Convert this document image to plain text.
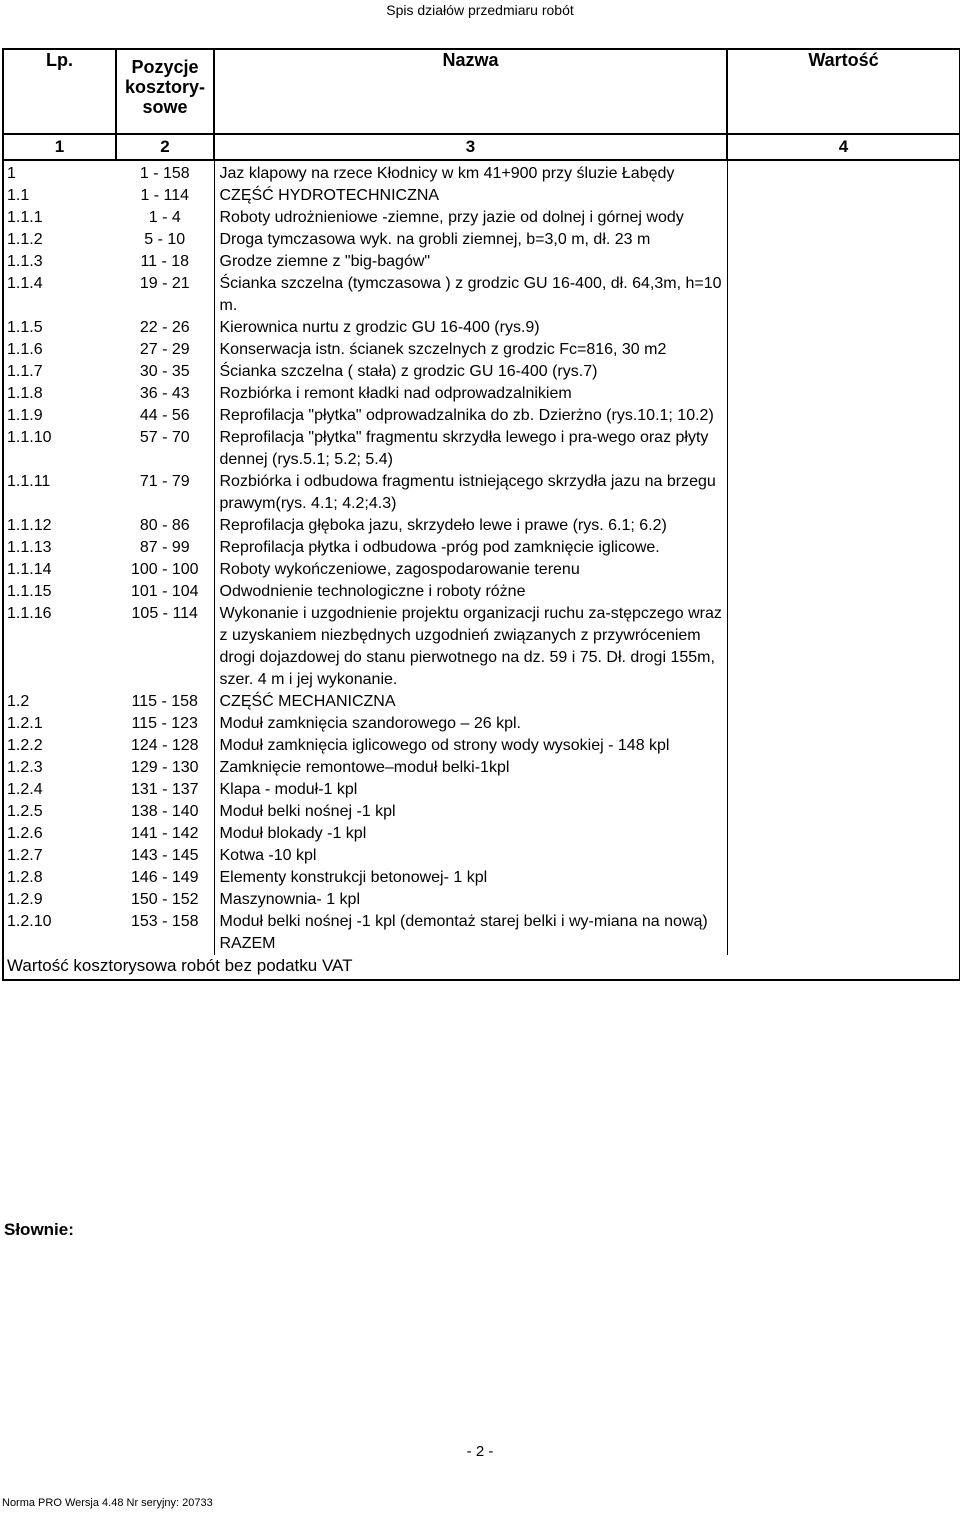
Spis działów przedmiaru robót
Lp.	Pozycje kosztory-sowe	Nazwa	Wartość
1	2	3	4
1	1 - 158	Jaz klapowy na rzece Kłodnicy w km 41+900 przy śluzie Łabędy	
1.1	1 - 114	CZĘŚĆ HYDROTECHNICZNA	
1.1.1	1 - 4	Roboty udrożnieniowe -ziemne, przy jazie od dolnej i górnej wody	
1.1.2	5 - 10	Droga tymczasowa wyk. na grobli ziemnej, b=3,0 m, dł. 23 m	
1.1.3	11 - 18	Grodze ziemne z "big-bagów"	
1.1.4	19 - 21	Ścianka szczelna (tymczasowa ) z grodzic GU 16-400, dł. 64,3m, h=10 m.	
1.1.5	22 - 26	Kierownica nurtu z grodzic GU 16-400 (rys.9)	
1.1.6	27 - 29	Konserwacja istn. ścianek szczelnych z grodzic Fc=816, 30 m2	
1.1.7	30 - 35	Ścianka szczelna ( stała) z grodzic GU 16-400 (rys.7)	
1.1.8	36 - 43	Rozbiórka i remont kładki nad odprowadzalnikiem	
1.1.9	44 - 56	Reprofilacja "płytka" odprowadzalnika do zb. Dzierżno (rys.10.1; 10.2)	
1.1.10	57 - 70	Reprofilacja "płytka" fragmentu skrzydła lewego i pra-wego oraz płyty dennej (rys.5.1; 5.2; 5.4)	
1.1.11	71 - 79	Rozbiórka i odbudowa fragmentu istniejącego skrzydła jazu na brzegu prawym(rys. 4.1; 4.2;4.3)	
1.1.12	80 - 86	Reprofilacja głęboka jazu, skrzydeło lewe i prawe (rys. 6.1; 6.2)	
1.1.13	87 - 99	Reprofilacja płytka i odbudowa -próg pod zamknięcie iglicowe.	
1.1.14	100 - 100	Roboty wykończeniowe, zagospodarowanie terenu	
1.1.15	101 - 104	Odwodnienie technologiczne i roboty różne	
1.1.16	105 - 114	Wykonanie i uzgodnienie projektu organizacji ruchu za-stępczego wraz z uzyskaniem niezbędnych uzgodnień związanych z przywróceniem drogi dojazdowej do stanu pierwotnego na dz. 59 i 75. Dł. drogi 155m, szer. 4 m i jej wykonanie.	
1.2	115 - 158	CZĘŚĆ MECHANICZNA	
1.2.1	115 - 123	Moduł zamknięcia szandorowego – 26 kpl.	
1.2.2	124 - 128	Moduł zamknięcia iglicowego od strony wody wysokiej - 148 kpl	
1.2.3	129 - 130	Zamknięcie remontowe–moduł belki-1kpl	
1.2.4	131 - 137	Klapa - moduł-1 kpl	
1.2.5	138 - 140	Moduł belki nośnej -1 kpl	
1.2.6	141 - 142	Moduł blokady -1 kpl	
1.2.7	143 - 145	Kotwa -10 kpl	
1.2.8	146 - 149	Elementy konstrukcji betonowej- 1 kpl	
1.2.9	150 - 152	Maszynownia- 1 kpl	
1.2.10	153 - 158	Moduł belki nośnej -1 kpl (demontaż starej belki i wy-miana na nową)	
		RAZEM	
Wartość kosztorysowa robót bez podatku VAT			
Słownie:
- 2 -
Norma PRO Wersja 4.48 Nr seryjny: 20733
